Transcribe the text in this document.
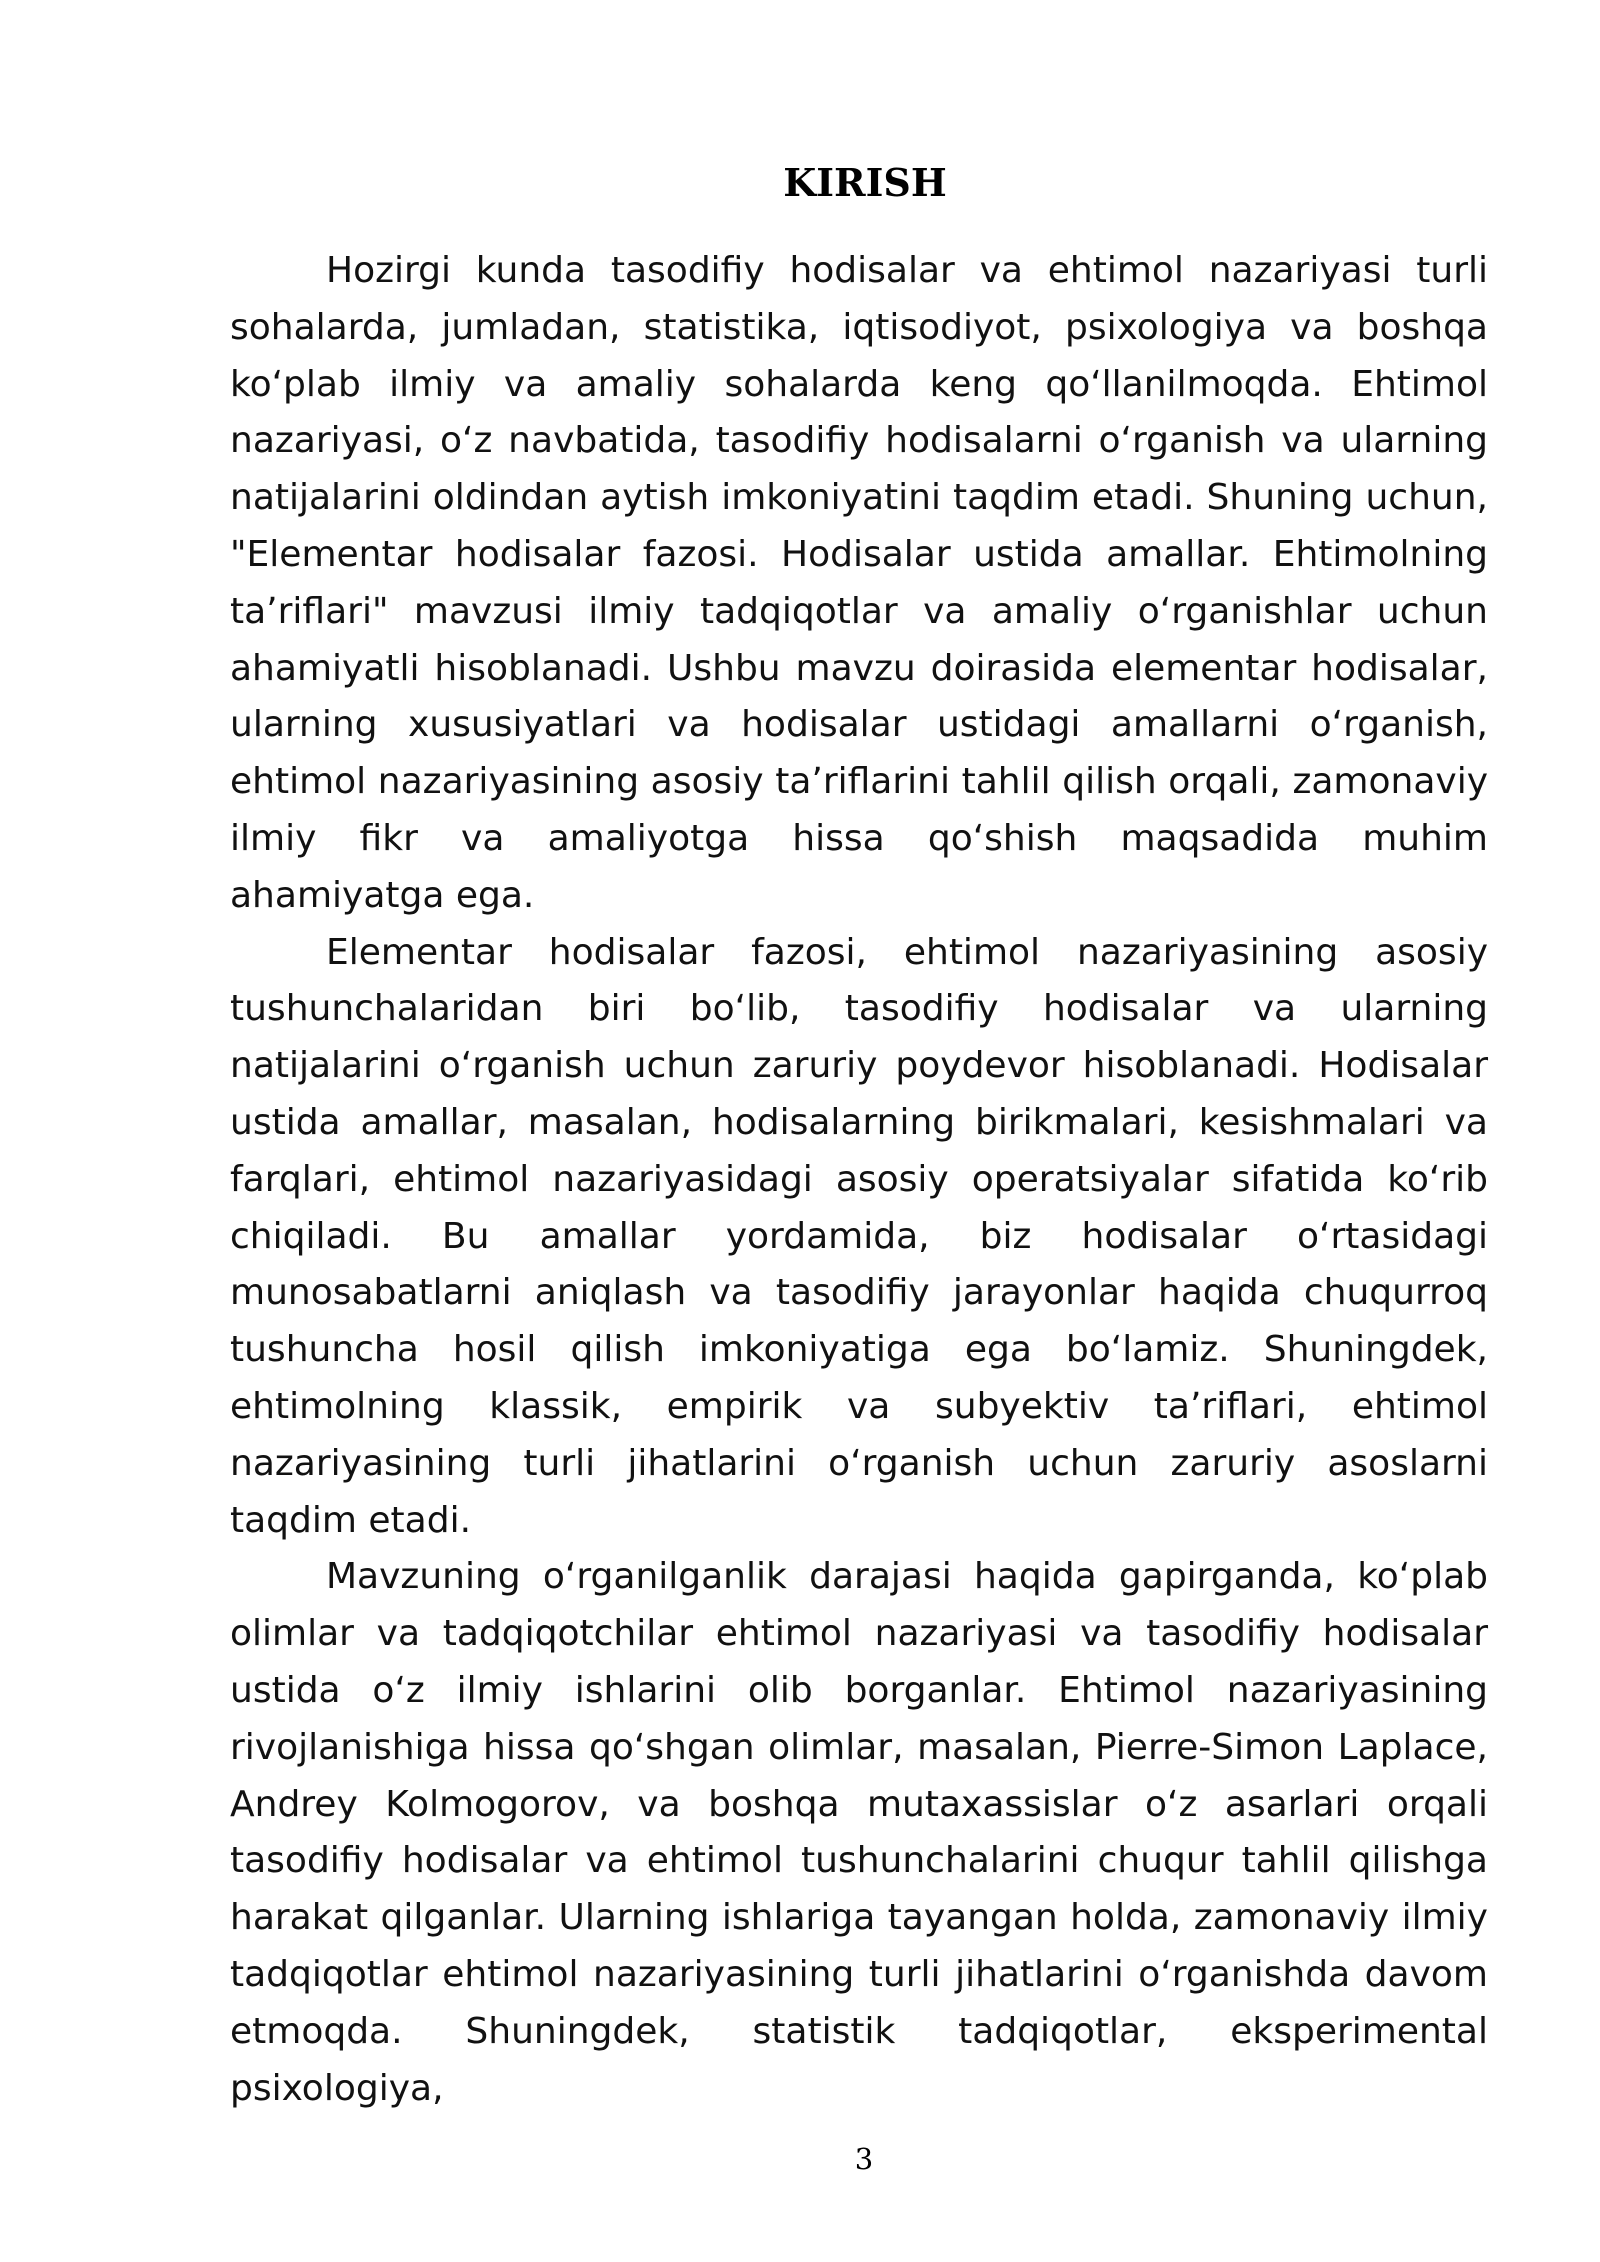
KIRISH

Hozirgi kunda tasodifiy hodisalar va ehtimol nazariyasi turli sohalarda, jumladan, statistika, iqtisodiyot, psixologiya va boshqa koʻplab ilmiy va amaliy sohalarda keng qoʻllanilmoqda. Ehtimol nazariyasi, oʻz navbatida, tasodifiy hodisalarni oʻrganish va ularning natijalarini oldindan aytish imkoniyatini taqdim etadi. Shuning uchun, "Elementar hodisalar fazosi. Hodisalar ustida amallar. Ehtimolning taʼriflari" mavzusi ilmiy tadqiqotlar va amaliy oʻrganishlar uchun ahamiyatli hisoblanadi. Ushbu mavzu doirasida elementar hodisalar, ularning xususiyatlari va hodisalar ustidagi amallarni oʻrganish, ehtimol nazariyasining asosiy taʼriflarini tahlil qilish orqali, zamonaviy ilmiy fikr va amaliyotga hissa qoʻshish maqsadida muhim ahamiyatga ega.

Elementar hodisalar fazosi, ehtimol nazariyasining asosiy tushunchalaridan biri boʻlib, tasodifiy hodisalar va ularning natijalarini oʻrganish uchun zaruriy poydevor hisoblanadi. Hodisalar ustida amallar, masalan, hodisalarning birikmalari, kesishmalari va farqlari, ehtimol nazariyasidagi asosiy operatsiyalar sifatida koʻrib chiqiladi. Bu amallar yordamida, biz hodisalar oʻrtasidagi munosabatlarni aniqlash va tasodifiy jarayonlar haqida chuqurroq tushuncha hosil qilish imkoniyatiga ega boʻlamiz. Shuningdek, ehtimolning klassik, empirik va subyektiv taʼriflari, ehtimol nazariyasining turli jihatlarini oʻrganish uchun zaruriy asoslarni taqdim etadi.

Mavzuning oʻrganilganlik darajasi haqida gapirganda, koʻplab olimlar va tadqiqotchilar ehtimol nazariyasi va tasodifiy hodisalar ustida oʻz ilmiy ishlarini olib borganlar. Ehtimol nazariyasining rivojlanishiga hissa qoʻshgan olimlar, masalan, Pierre-Simon Laplace, Andrey Kolmogorov, va boshqa mutaxassislar oʻz asarlari orqali tasodifiy hodisalar va ehtimol tushunchalarini chuqur tahlil qilishga harakat qilganlar. Ularning ishlariga tayangan holda, zamonaviy ilmiy tadqiqotlar ehtimol nazariyasining turli jihatlarini oʻrganishda davom etmoqda. Shuningdek, statistik tadqiqotlar, eksperimental psixologiya,

3
